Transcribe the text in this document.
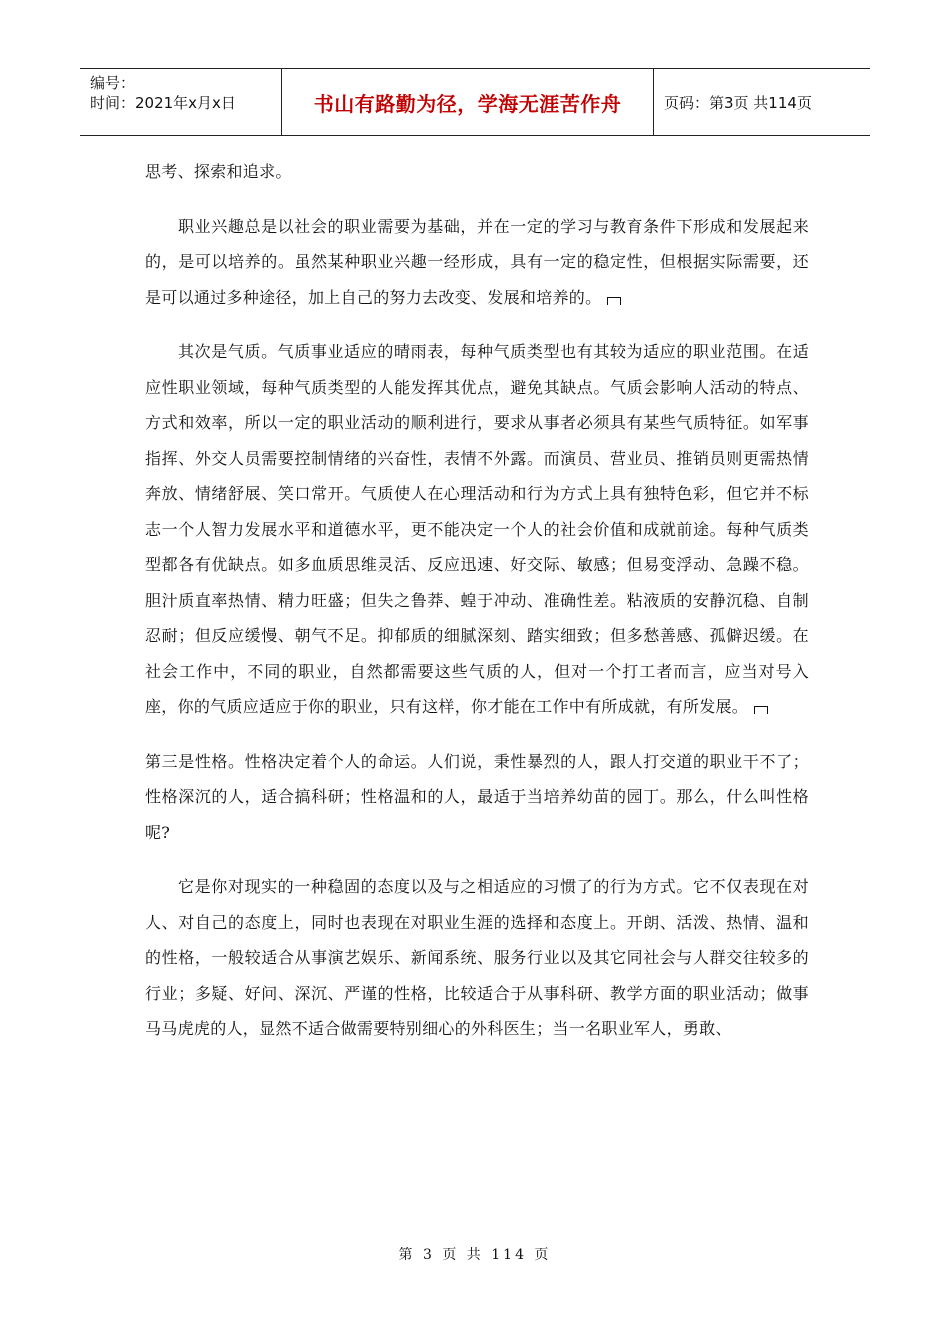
编号：
时间：2021年x月x日	书山有路勤为径，学海无涯苦作舟	页码：第3页 共114页

思考、探索和追求。

职业兴趣总是以社会的职业需要为基础，并在一定的学习与教育条件下形成和发展起来的，是可以培养的。虽然某种职业兴趣一经形成，具有一定的稳定性，但根据实际需要，还是可以通过多种途径，加上自己的努力去改变、发展和培养的。

其次是气质。气质事业适应的晴雨表，每种气质类型也有其较为适应的职业范围。在适应性职业领域，每种气质类型的人能发挥其优点，避免其缺点。气质会影响人活动的特点、方式和效率，所以一定的职业活动的顺利进行，要求从事者必须具有某些气质特征。如军事指挥、外交人员需要控制情绪的兴奋性，表情不外露。而演员、营业员、推销员则更需热情奔放、情绪舒展、笑口常开。气质使人在心理活动和行为方式上具有独特色彩，但它并不标志一个人智力发展水平和道德水平，更不能决定一个人的社会价值和成就前途。每种气质类型都各有优缺点。如多血质思维灵活、反应迅速、好交际、敏感；但易变浮动、急躁不稳。胆汁质直率热情、精力旺盛；但失之鲁莽、蝗于冲动、准确性差。粘液质的安静沉稳、自制忍耐；但反应缓慢、朝气不足。抑郁质的细腻深刻、踏实细致；但多愁善感、孤僻迟缓。在社会工作中，不同的职业，自然都需要这些气质的人，但对一个打工者而言，应当对号入座，你的气质应适应于你的职业，只有这样，你才能在工作中有所成就，有所发展。

第三是性格。性格决定着个人的命运。人们说，秉性暴烈的人，跟人打交道的职业干不了；性格深沉的人，适合搞科研；性格温和的人，最适于当培养幼苗的园丁。那么，什么叫性格呢?

它是你对现实的一种稳固的态度以及与之相适应的习惯了的行为方式。它不仅表现在对人、对自己的态度上，同时也表现在对职业生涯的选择和态度上。开朗、活泼、热情、温和的性格，一般较适合从事演艺娱乐、新闻系统、服务行业以及其它同社会与人群交往较多的行业；多疑、好问、深沉、严谨的性格，比较适合于从事科研、教学方面的职业活动；做事马马虎虎的人，显然不适合做需要特别细心的外科医生；当一名职业军人，勇敢、

第 3 页 共 114 页
